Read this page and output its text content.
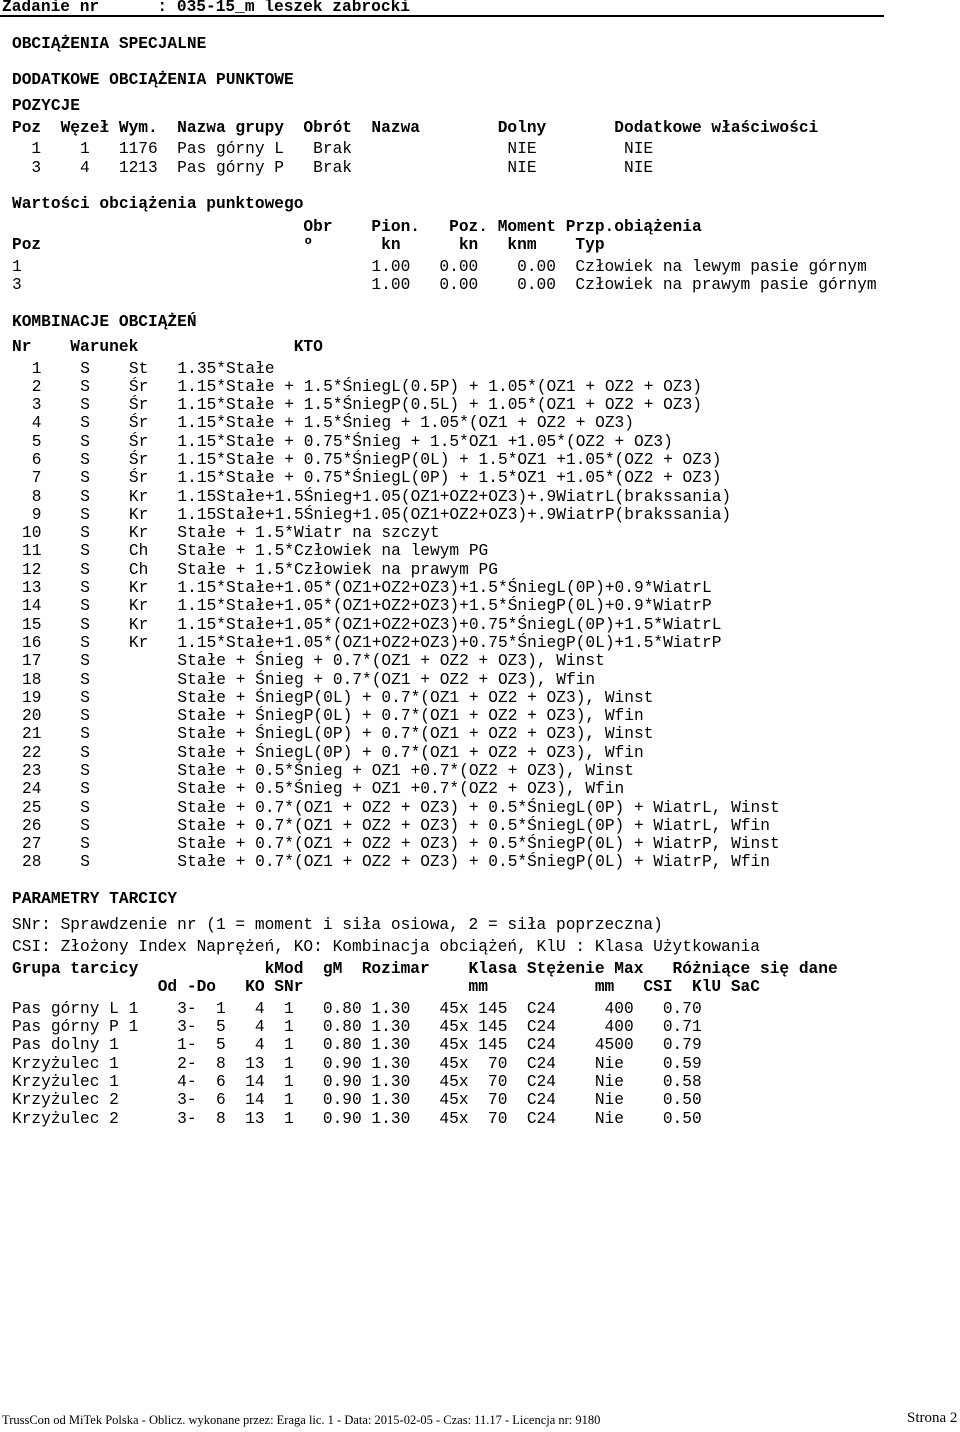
Zadanie nr      : 035-15_m leszek zabrocki
OBCIĄŻENIA SPECJALNE
DODATKOWE OBCIĄŻENIA PUNKTOWE
POZYCJE
Poz  Węzeł Wym.  Nazwa grupy  Obrót  Nazwa        Dolny       Dodatkowe właściwości
1    1   1176  Pas górny L   Brak                NIE         NIE
3    4   1213  Pas górny P   Brak                NIE         NIE
Wartości obciążenia punktowego
Obr    Pion.   Poz. Moment Przp.obiążenia
Poz                           º       kn      kn   knm    Typ
1                                    1.00   0.00    0.00  Człowiek na lewym pasie górnym
3                                    1.00   0.00    0.00  Człowiek na prawym pasie górnym
KOMBINACJE OBCIĄŻEŃ
Nr    Warunek                KTO
1    S    St   1.35*Stałe
2    S    Śr   1.15*Stałe + 1.5*ŚniegL(0.5P) + 1.05*(OZ1 + OZ2 + OZ3)
3    S    Śr   1.15*Stałe + 1.5*ŚniegP(0.5L) + 1.05*(OZ1 + OZ2 + OZ3)
4    S    Śr   1.15*Stałe + 1.5*Śnieg + 1.05*(OZ1 + OZ2 + OZ3)
5    S    Śr   1.15*Stałe + 0.75*Śnieg + 1.5*OZ1 +1.05*(OZ2 + OZ3)
6    S    Śr   1.15*Stałe + 0.75*ŚniegP(0L) + 1.5*OZ1 +1.05*(OZ2 + OZ3)
7    S    Śr   1.15*Stałe + 0.75*ŚniegL(0P) + 1.5*OZ1 +1.05*(OZ2 + OZ3)
8    S    Kr   1.15Stałe+1.5Śnieg+1.05(OZ1+OZ2+OZ3)+.9WiatrL(brakssania)
9    S    Kr   1.15Stałe+1.5Śnieg+1.05(OZ1+OZ2+OZ3)+.9WiatrP(brakssania)
10    S    Kr   Stałe + 1.5*Wiatr na szczyt
11    S    Ch   Stałe + 1.5*Człowiek na lewym PG
12    S    Ch   Stałe + 1.5*Człowiek na prawym PG
13    S    Kr   1.15*Stałe+1.05*(OZ1+OZ2+OZ3)+1.5*ŚniegL(0P)+0.9*WiatrL
14    S    Kr   1.15*Stałe+1.05*(OZ1+OZ2+OZ3)+1.5*ŚniegP(0L)+0.9*WiatrP
15    S    Kr   1.15*Stałe+1.05*(OZ1+OZ2+OZ3)+0.75*ŚniegL(0P)+1.5*WiatrL
16    S    Kr   1.15*Stałe+1.05*(OZ1+OZ2+OZ3)+0.75*ŚniegP(0L)+1.5*WiatrP
17    S         Stałe + Śnieg + 0.7*(OZ1 + OZ2 + OZ3), Winst
18    S         Stałe + Śnieg + 0.7*(OZ1 + OZ2 + OZ3), Wfin
19    S         Stałe + ŚniegP(0L) + 0.7*(OZ1 + OZ2 + OZ3), Winst
20    S         Stałe + ŚniegP(0L) + 0.7*(OZ1 + OZ2 + OZ3), Wfin
21    S         Stałe + ŚniegL(0P) + 0.7*(OZ1 + OZ2 + OZ3), Winst
22    S         Stałe + ŚniegL(0P) + 0.7*(OZ1 + OZ2 + OZ3), Wfin
23    S         Stałe + 0.5*Śnieg + OZ1 +0.7*(OZ2 + OZ3), Winst
24    S         Stałe + 0.5*Śnieg + OZ1 +0.7*(OZ2 + OZ3), Wfin
25    S         Stałe + 0.7*(OZ1 + OZ2 + OZ3) + 0.5*ŚniegL(0P) + WiatrL, Winst
26    S         Stałe + 0.7*(OZ1 + OZ2 + OZ3) + 0.5*ŚniegL(0P) + WiatrL, Wfin
27    S         Stałe + 0.7*(OZ1 + OZ2 + OZ3) + 0.5*ŚniegP(0L) + WiatrP, Winst
28    S         Stałe + 0.7*(OZ1 + OZ2 + OZ3) + 0.5*ŚniegP(0L) + WiatrP, Wfin
PARAMETRY TARCICY
SNr: Sprawdzenie nr (1 = moment i siła osiowa, 2 = siła poprzeczna)
CSI: Złożony Index Naprężeń, KO: Kombinacja obciążeń, KlU : Klasa Użytkowania
Grupa tarcicy             kMod  gM  Rozimar    Klasa Stężenie Max   Różniące się dane
Od -Do   KO SNr                 mm           mm   CSI  KlU SaC
Pas górny L 1    3-  1   4  1   0.80 1.30   45x 145  C24     400   0.70
Pas górny P 1    3-  5   4  1   0.80 1.30   45x 145  C24     400   0.71
Pas dolny 1      1-  5   4  1   0.80 1.30   45x 145  C24    4500   0.79
Krzyżulec 1      2-  8  13  1   0.90 1.30   45x  70  C24    Nie    0.59
Krzyżulec 1      4-  6  14  1   0.90 1.30   45x  70  C24    Nie    0.58
Krzyżulec 2      3-  6  14  1   0.90 1.30   45x  70  C24    Nie    0.50
Krzyżulec 2      3-  8  13  1   0.90 1.30   45x  70  C24    Nie    0.50
TrussCon od MiTek Polska - Oblicz. wykonane przez: Eraga lic. 1 - Data: 2015-02-05 - Czas: 11.17 - Licencja nr: 9180	Strona 2
